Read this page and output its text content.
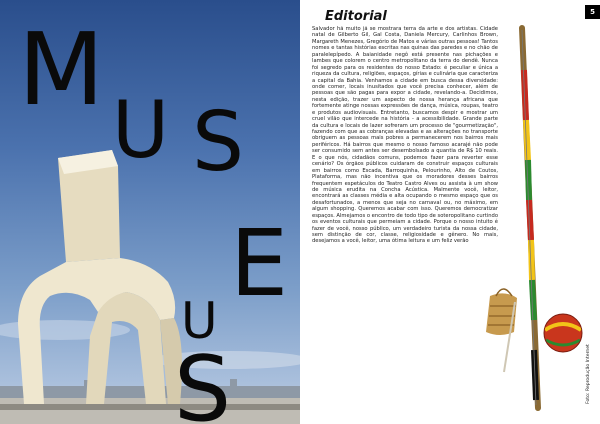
M
U S
E
U
S
Editorial

Salvador há muito já se mostrara terra da arte e dos artistas. Cidade natal de Gilberto Gil, Gal Costa, Daniela Mercury, Carlinhos Brown, Margareth Menezes, Gregório de Matos e várias outras pessoas! Tantos nomes e tantas histórias escritas nas quinas das paredes e no chão de paralelepípedo. A baianidade negô está presente nas pichações e lambes que colorem o centro metropolitano da terra do dendê. Nunca foi segredo para os residentes do nosso Estado: é peculiar e única a riqueza da cultura, religiões, espaços, gírias e culinária que caracteriza a capital da Bahia. Venhamos a cidade em busca dessa diversidade: onde comer, locais inusitados que você precisa conhecer, além de pessoas que são pagas para expor a cidade, revelando-a. Decidimos, nesta edição, trazer um aspecto de nossa herança africana que fortemente atinge nossas expressões de dança, música, roupas, teatro e produtos audiovisuais. Entretanto, buscamos despir e mostrar um cruel vilão que intercede na história - a acessibilidade. Grande parte da cultura e locais de lazer sofreram um processo de "gourmetização", fazendo com que as cobranças elevadas e as alterações no transporte obriguem as pessoas mais pobres a permanecerem nos bairros mais periféricos. Há bairros que mesmo o nosso famoso acarajé não pode ser consumido sem antes ser desembolsado a quantia de R$ 10 reais. E o que nós, cidadãos comuns, podemos fazer para reverter esse cenário? Os órgãos públicos cuidaram de construir espaços culturais em bairros como Escada, Barroquinha, Pelourinho, Alto de Coutos, Plataforma, mas não incentiva que os moradores desses bairros frequentem espetáculos do Teatro Castro Alves ou assista à um show de música erudita na Concha Acústica. Malmente você, leitor, encontrará as classes média e alta ocupando o mesmo espaço que os desafortunados, a menos que seja no carnaval ou, no máximo, em algum shopping. Queremos acabar com isso. Queremos democratizar espaços. Almejamos o encontro de todo tipo de soteropolitano curtindo os eventos culturais que permeiam a cidade. Porque o nosso intuito é fazer de você, nosso público, um verdadeiro turista da nossa cidade, sem distinção de cor, classe, religiosidade e gênero. No mais, desejamos a você, leitor, uma ótima leitura e um feliz verão

5
Foto: Reprodução Internet
